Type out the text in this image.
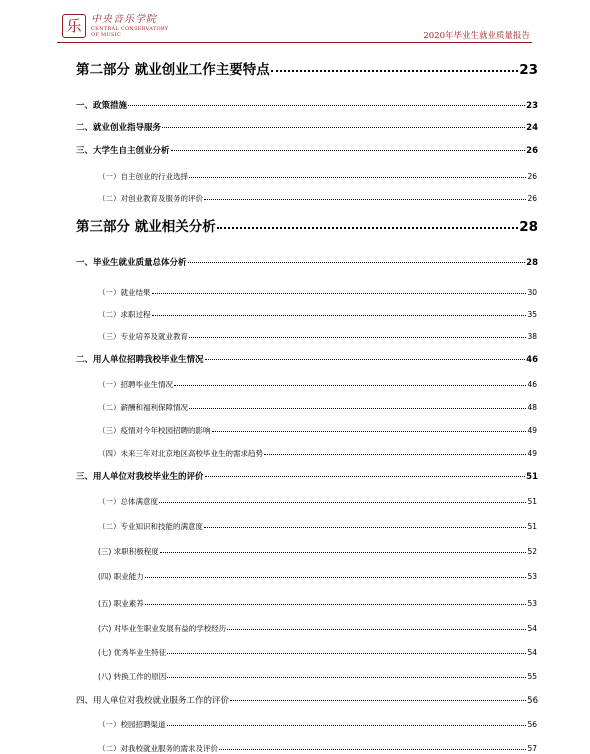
乐 中央音乐学院
CENTRAL CONSERVATORY
OF MUSIC	2020年毕业生就业质量报告
第二部分 就业创业工作主要特点	23
一、政策措施	23
二、就业创业指导服务	24
三、大学生自主创业分析	26
（一）自主创业的行业选择	26
（二）对创业教育及服务的评价	26
第三部分 就业相关分析	28
一、毕业生就业质量总体分析	28
（一）就业结果	30
（二）求职过程	35
（三）专业培养及就业教育	38
二、用人单位招聘我校毕业生情况	46
（一）招聘毕业生情况	46
（二）薪酬和福利保障情况	48
（三）疫情对今年校园招聘的影响	49
（四）未来三年对北京地区高校毕业生的需求趋势	49
三、用人单位对我校毕业生的评价	51
（一）总体满意度	51
（二）专业知识和技能的满意度	51
(三) 求职积极程度	52
(四) 职业能力	53
(五) 职业素养	53
(六) 对毕业生职业发展有益的学校经历	54
(七) 优秀毕业生特征	54
(八) 转换工作的原因	55
四、用人单位对我校就业服务工作的评价	56
（一）校园招聘渠道	56
（二）对我校就业服务的需求及评价	57
